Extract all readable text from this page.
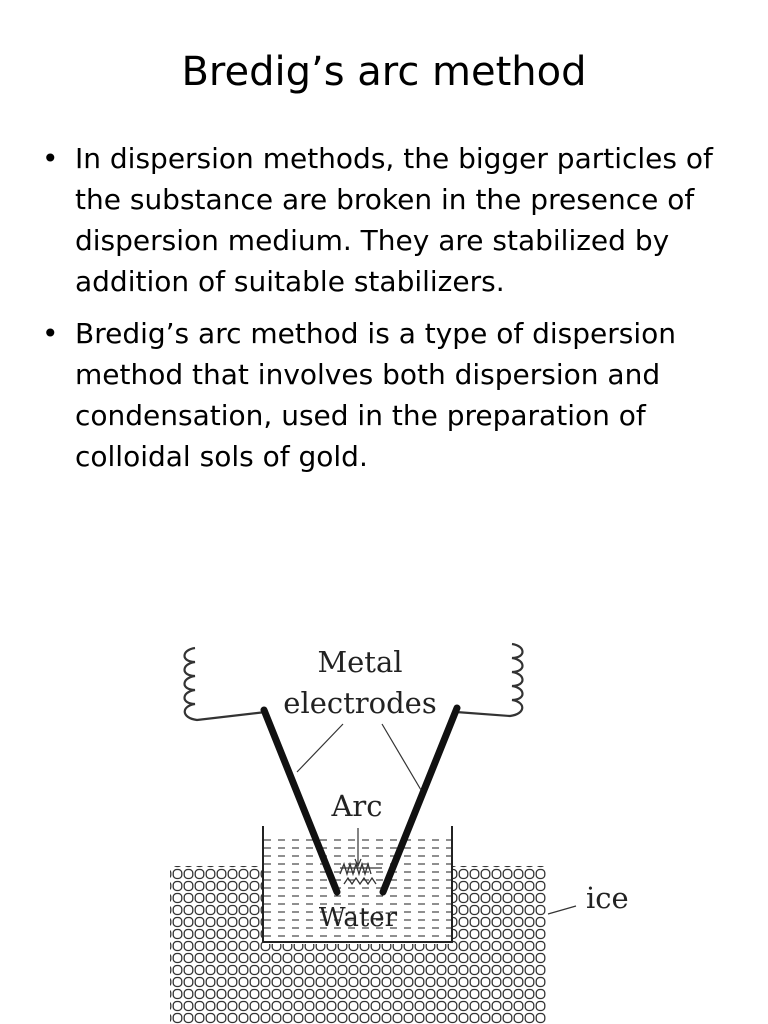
Bredig’s arc method
• In dispersion methods, the bigger particles of the substance are broken in the presence of dispersion medium. They are stabilized by addition of suitable stabilizers.
• Bredig’s arc method is a type of dispersion method that involves both dispersion and condensation, used in the preparation of colloidal sols of gold.
Metal
electrodes
Arc
Water
ice
